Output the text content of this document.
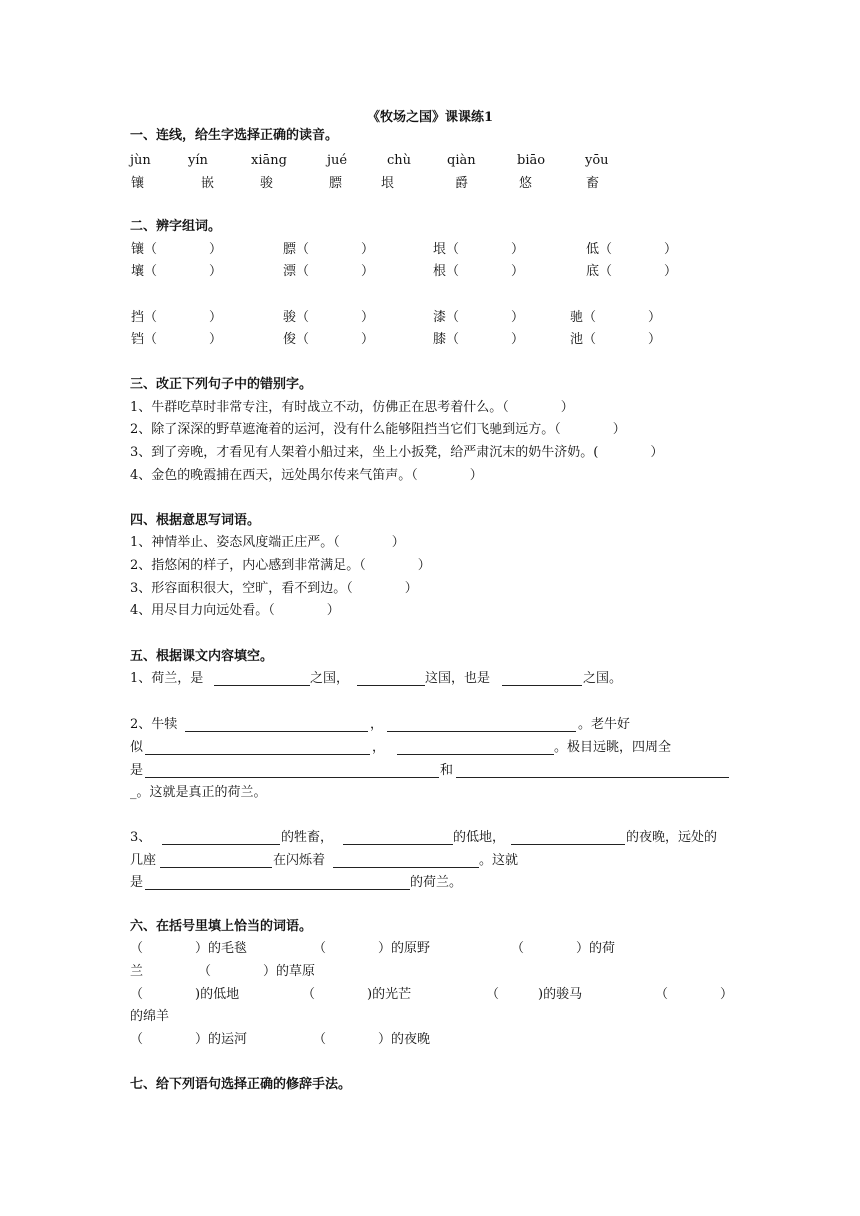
《牧场之国》课课练1
一、连线，给生字选择正确的读音。
jùn	yín	xiāng	jué	chù	qiàn	biāo	yōu
镶	嵌	骏	膘	垠	爵	悠	畜
二、辨字组词。
镶（　　　　）	膘（　　　　）	垠（　　　　）	低（　　　　）
壤（　　　　）	漂（　　　　）	根（　　　　）	底（　　　　）
挡（　　　　）	骏（　　　　）	漆（　　　　）	驰（　　　　）
铛（　　　　）	俊（　　　　）	膝（　　　　）	池（　　　　）
三、改正下列句子中的错别字。
1、牛群吃草时非常专注，有时战立不动，仿佛正在思考着什么。（　　　　）
2、除了深深的野草遮淹着的运河，没有什么能够阻挡当它们飞驰到远方。（　　　　）
3、到了旁晚，才看见有人架着小船过来，坐上小扳凳，给严肃沉末的奶牛济奶。(　　　　）
4、金色的晚霞捕在西天，远处禺尔传来气笛声。（　　　　）
四、根据意思写词语。
1、神情举止、姿态风度端正庄严。（　　　　）
2、指悠闲的样子，内心感到非常满足。（　　　　）
3、形容面积很大，空旷，看不到边。（　　　　）
4、用尽目力向远处看。（　　　　）
五、根据课文内容填空。
1、荷兰，是	之国，	这国，也是	之国。
2、牛犊	，	。老牛好
似	，	。极目远眺，四周全
是	和
_。这就是真正的荷兰。
3、	的牲畜，	的低地，	的夜晚，远处的
几座	在闪烁着	。这就
是	的荷兰。
六、在括号里填上恰当的词语。
（　　　　）的毛毯	（　　　　）的原野	（　　　　）的荷
兰	（　　　　）的草原
（　　　　)的低地	（　　　　)的光芒	（　　　)的骏马	（　　　　）
的绵羊
（　　　　）的运河	（　　　　）的夜晚
七、给下列语句选择正确的修辞手法。
